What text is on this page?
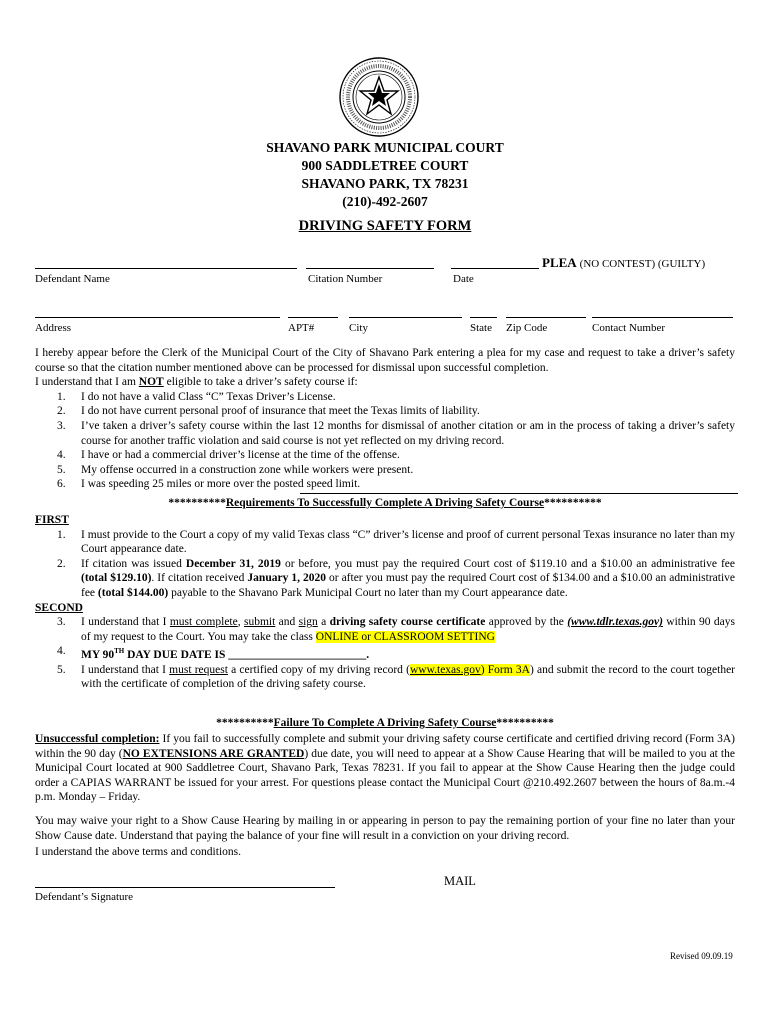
SHAVANO PARK MUNICIPAL COURT
900 SADDLETREE COURT
SHAVANO PARK, TX 78231
(210)-492-2607
DRIVING SAFETY FORM
PLEA (NO CONTEST) (GUILTY)
Defendant Name	Citation Number	Date
Address	APT#	City	State Zip Code	Contact Number
I hereby appear before the Clerk of the Municipal Court of the City of Shavano Park entering a plea for my case and request to take a driver’s safety course so that the citation number mentioned above can be processed for dismissal upon successful completion.
I understand that I am NOT eligible to take a driver’s safety course if:
1. I do not have a valid Class “C” Texas Driver’s License.
2. I do not have current personal proof of insurance that meet the Texas limits of liability.
3. I’ve taken a driver’s safety course within the last 12 months for dismissal of another citation or am in the process of taking a driver’s safety course for another traffic violation and said course is not yet reflected on my driving record.
4. I have or had a commercial driver’s license at the time of the offense.
5. My offense occurred in a construction zone while workers were present.
6. I was speeding 25 miles or more over the posted speed limit.
**********Requirements To Successfully Complete A Driving Safety Course**********
FIRST
1. I must provide to the Court a copy of my valid Texas class “C” driver’s license and proof of current personal Texas insurance no later than my Court appearance date.
2. If citation was issued December 31, 2019 or before, you must pay the required Court cost of $119.10 and a $10.00 an administrative fee (total $129.10). If citation received January 1, 2020 or after you must pay the required Court cost of $134.00 and a $10.00 an administrative fee (total $144.00) payable to the Shavano Park Municipal Court no later than my Court appearance date.
SECOND
3. I understand that I must complete, submit and sign a driving safety course certificate approved by the (www.tdlr.texas.gov) within 90 days of my request to the Court. You may take the class ONLINE or CLASSROOM SETTING
4. MY 90TH DAY DUE DATE IS ________________________.
5. I understand that I must request a certified copy of my driving record (www.texas.gov) Form 3A) and submit the record to the court together with the certificate of completion of the driving safety course.
**********Failure To Complete A Driving Safety Course**********
Unsuccessful completion: If you fail to successfully complete and submit your driving safety course certificate and certified driving record (Form 3A) within the 90 day (NO EXTENSIONS ARE GRANTED) due date, you will need to appear at a Show Cause Hearing that will be mailed to you at the Municipal Court located at 900 Saddletree Court, Shavano Park, Texas 78231. If you fail to appear at the Show Cause Hearing then the judge could order a CAPIAS WARRANT be issued for your arrest. For questions please contact the Municipal Court @210.492.2607 between the hours of 8a.m.-4 p.m. Monday – Friday.
You may waive your right to a Show Cause Hearing by mailing in or appearing in person to pay the remaining portion of your fine no later than your Show Cause date. Understand that paying the balance of your fine will result in a conviction on your driving record.
I understand the above terms and conditions.
Defendant’s Signature
MAIL
Revised 09.09.19
